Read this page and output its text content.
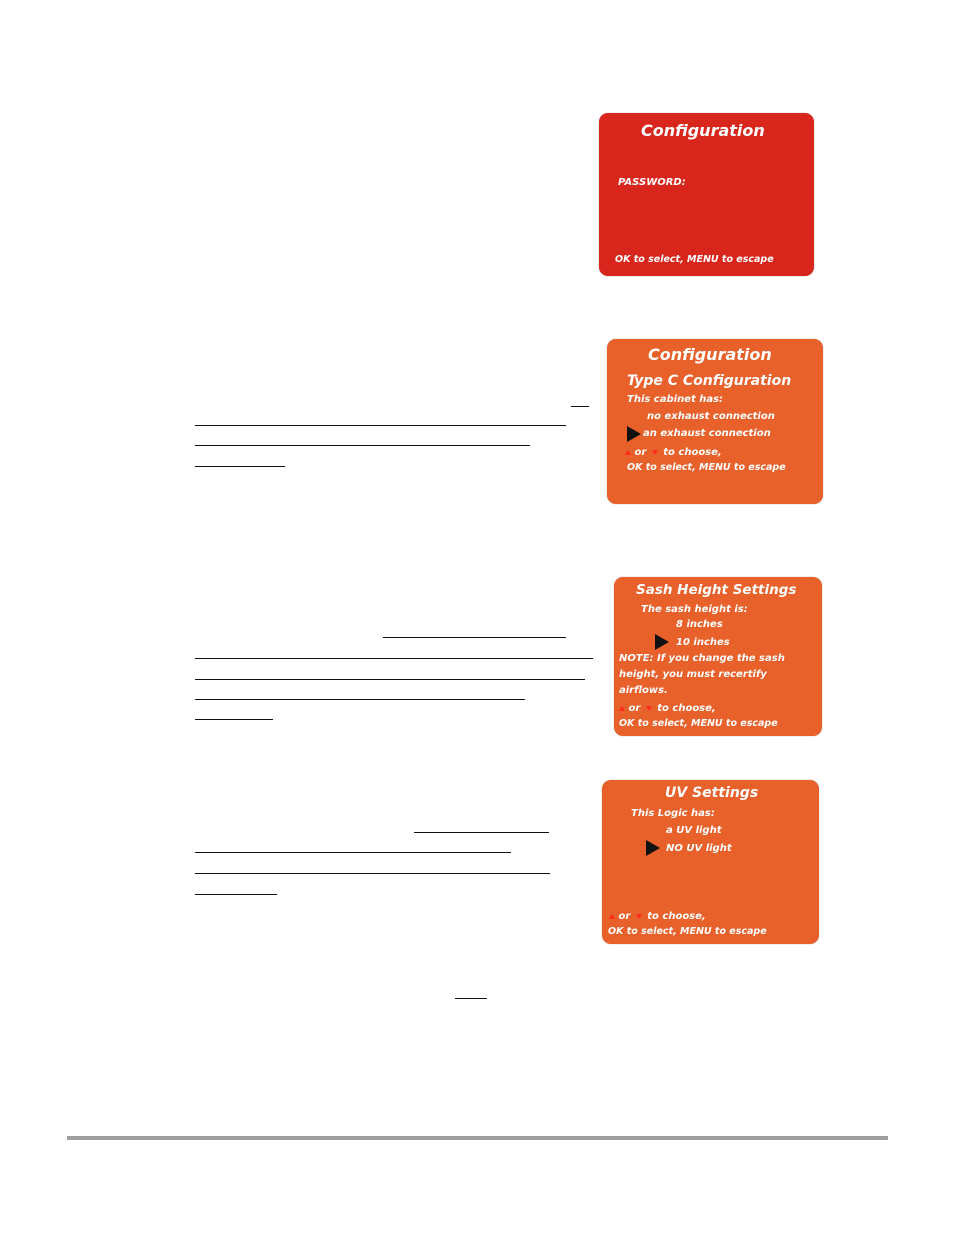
Configuration
PASSWORD:
OK to select, MENU to escape
Configuration
Type C Configuration
This cabinet has:
no exhaust connection
an exhaust connection
or to choose,
OK to select, MENU to escape
Sash Height Settings
The sash height is:
8 inches
10 inches
NOTE: If you change the sash
height, you must recertify
airflows.
or to choose,
OK to select, MENU to escape
UV Settings
This Logic has:
a UV light
NO UV light
or to choose,
OK to select, MENU to escape
